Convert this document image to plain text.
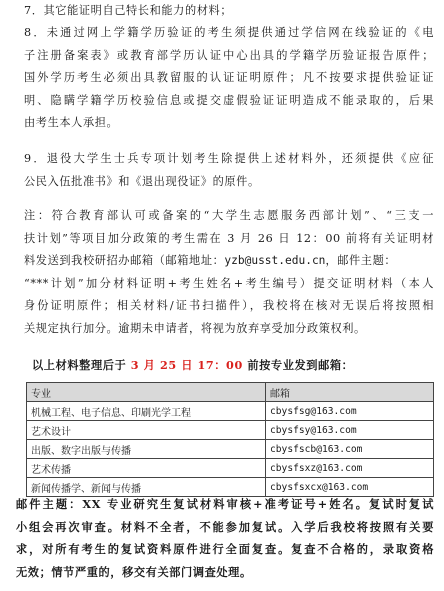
7．其它能证明自己特长和能力的材料；
8．未通过网上学籍学历验证的考生须提供通过学信网在线验证的《电
子注册备案表》或教育部学历认证中心出具的学籍学历验证报告原件；
国外学历考生必须出具教留服的认证证明原件；凡不按要求提供验证证
明、隐瞒学籍学历校验信息或提交虚假验证证明造成不能录取的，后果
由考生本人承担。
9．退役大学生士兵专项计划考生除提供上述材料外，还须提供《应征
公民入伍批准书》和《退出现役证》的原件。
注：符合教育部认可或备案的“大学生志愿服务西部计划”、“三支一
扶计划”等项目加分政策的考生需在 3 月 26 日 12：00 前将有关证明材
料发送到我校研招办邮箱（邮箱地址：yzb@usst.edu.cn，邮件主题：
“***计划”加分材料证明+考生姓名+考生编号）提交证明材料（本人
身份证明原件；相关材料/证书扫描件），我校将在核对无误后将按照相
关规定执行加分。逾期未申请者，将视为放弃享受加分政策权利。
以上材料整理后于 3 月 25 日 17：00 前按专业发到邮箱：
专业	邮箱
机械工程、电子信息、印刷光学工程	cbysfsg@163.com
艺术设计	cbysfsy@163.com
出版、数字出版与传播	cbysfscb@163.com
艺术传播	cbysfsxz@163.com
新闻传播学、新闻与传播	cbysfsxcx@163.com
邮件主题：XX 专业研究生复试材料审核+准考证号+姓名。复试时复试
小组会再次审查。材料不全者，不能参加复试。入学后我校将按照有关要
求，对所有考生的复试资料原件进行全面复查。复查不合格的，录取资格
无效；情节严重的，移交有关部门调查处理。
